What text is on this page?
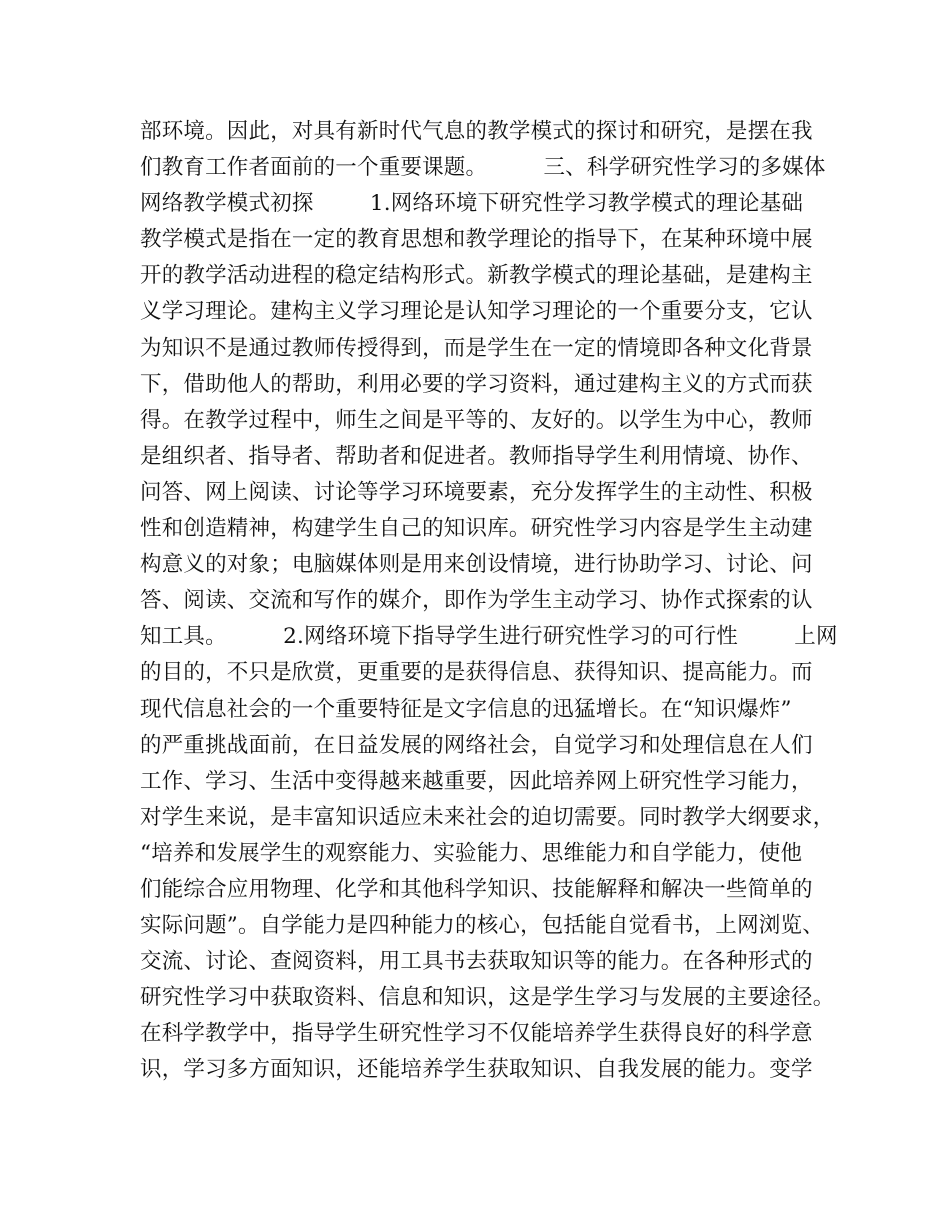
部环境。因此，对具有新时代气息的教学模式的探讨和研究，是摆在我
们教育工作者面前的一个重要课题。        三、科学研究性学习的多媒体
网络教学模式初探        1.网络环境下研究性学习教学模式的理论基础
教学模式是指在一定的教育思想和教学理论的指导下，在某种环境中展
开的教学活动进程的稳定结构形式。新教学模式的理论基础，是建构主
义学习理论。建构主义学习理论是认知学习理论的一个重要分支，它认
为知识不是通过教师传授得到，而是学生在一定的情境即各种文化背景
下，借助他人的帮助，利用必要的学习资料，通过建构主义的方式而获
得。在教学过程中，师生之间是平等的、友好的。以学生为中心，教师
是组织者、指导者、帮助者和促进者。教师指导学生利用情境、协作、
问答、网上阅读、讨论等学习环境要素，充分发挥学生的主动性、积极
性和创造精神，构建学生自己的知识库。研究性学习内容是学生主动建
构意义的对象；电脑媒体则是用来创设情境，进行协助学习、讨论、问
答、阅读、交流和写作的媒介，即作为学生主动学习、协作式探索的认
知工具。        2.网络环境下指导学生进行研究性学习的可行性        上网
的目的，不只是欣赏，更重要的是获得信息、获得知识、提高能力。而
现代信息社会的一个重要特征是文字信息的迅猛增长。在“知识爆炸”
的严重挑战面前，在日益发展的网络社会，自觉学习和处理信息在人们
工作、学习、生活中变得越来越重要，因此培养网上研究性学习能力，
对学生来说，是丰富知识适应未来社会的迫切需要。同时教学大纲要求，
“培养和发展学生的观察能力、实验能力、思维能力和自学能力，使他
们能综合应用物理、化学和其他科学知识、技能解释和解决一些简单的
实际问题”。自学能力是四种能力的核心，包括能自觉看书，上网浏览、
交流、讨论、查阅资料，用工具书去获取知识等的能力。在各种形式的
研究性学习中获取资料、信息和知识，这是学生学习与发展的主要途径。
在科学教学中，指导学生研究性学习不仅能培养学生获得良好的科学意
识，学习多方面知识，还能培养学生获取知识、自我发展的能力。变学
